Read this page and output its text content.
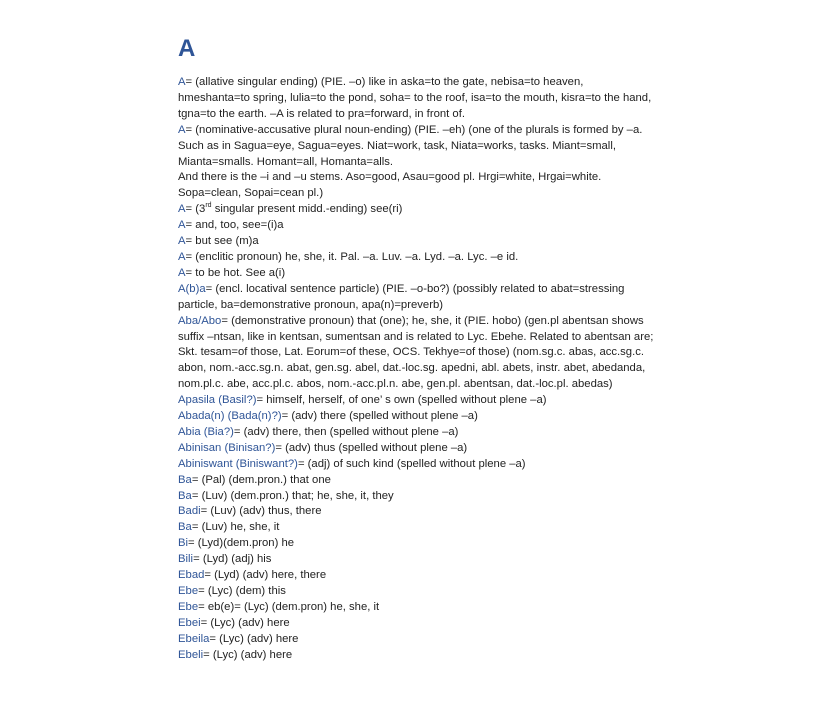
A

A= (allative singular ending) (PIE. –o) like in aska=to the gate, nebisa=to heaven, hmeshanta=to spring, lulia=to the pond, soha= to the roof, isa=to the mouth, kisra=to the hand, tgna=to the earth. –A is related to pra=forward, in front of.

A= (nominative-accusative plural noun-ending) (PIE. –eh) (one of the plurals is formed by –a. Such as in Sagua=eye, Sagua=eyes. Niat=work, task, Niata=works, tasks. Miant=small, Mianta=smalls. Homant=all, Homanta=alls.

And there is the –i and –u stems. Aso=good, Asau=good pl. Hrgi=white, Hrgai=white. Sopa=clean, Sopai=cean pl.)

A= (3rd singular present midd.-ending) see(ri)

A= and, too, see=(i)a

A= but see (m)a

A= (enclitic pronoun) he, she, it. Pal. –a. Luv. –a. Lyd. –a. Lyc. –e id.

A= to be hot. See a(i)

A(b)a= (encl. locatival sentence particle) (PIE. –o-bo?) (possibly related to abat=stressing particle, ba=demonstrative pronoun, apa(n)=preverb)

Aba/Abo= (demonstrative pronoun) that (one); he, she, it (PIE. hobo) (gen.pl abentsan shows suffix –ntsan, like in kentsan, sumentsan and is related to Lyc. Ebehe. Related to abentsan are; Skt. tesam=of those, Lat. Eorum=of these, OCS. Tekhye=of those) (nom.sg.c. abas, acc.sg.c. abon, nom.-acc.sg.n. abat, gen.sg. abel, dat.-loc.sg. apedni, abl. abets, instr. abet, abedanda, nom.pl.c. abe, acc.pl.c. abos, nom.-acc.pl.n. abe, gen.pl. abentsan, dat.-loc.pl. abedas)

Apasila (Basil?)= himself, herself, of one’ s own (spelled without plene –a)

Abada(n) (Bada(n)?)= (adv) there (spelled without plene –a)

Abia (Bia?)= (adv) there, then (spelled without plene –a)

Abinisan (Binisan?)= (adv) thus (spelled without plene –a)

Abiniswant (Biniswant?)= (adj) of such kind (spelled without plene –a)

Ba= (Pal) (dem.pron.) that one

Ba= (Luv) (dem.pron.) that; he, she, it, they

Badi= (Luv) (adv) thus, there

Ba= (Luv) he, she, it

Bi= (Lyd)(dem.pron) he

Bili= (Lyd) (adj) his

Ebad= (Lyd) (adv) here, there

Ebe= (Lyc) (dem) this

Ebe= eb(e)= (Lyc) (dem.pron) he, she, it

Ebei= (Lyc) (adv) here

Ebeila= (Lyc) (adv) here

Ebeli= (Lyc) (adv) here
